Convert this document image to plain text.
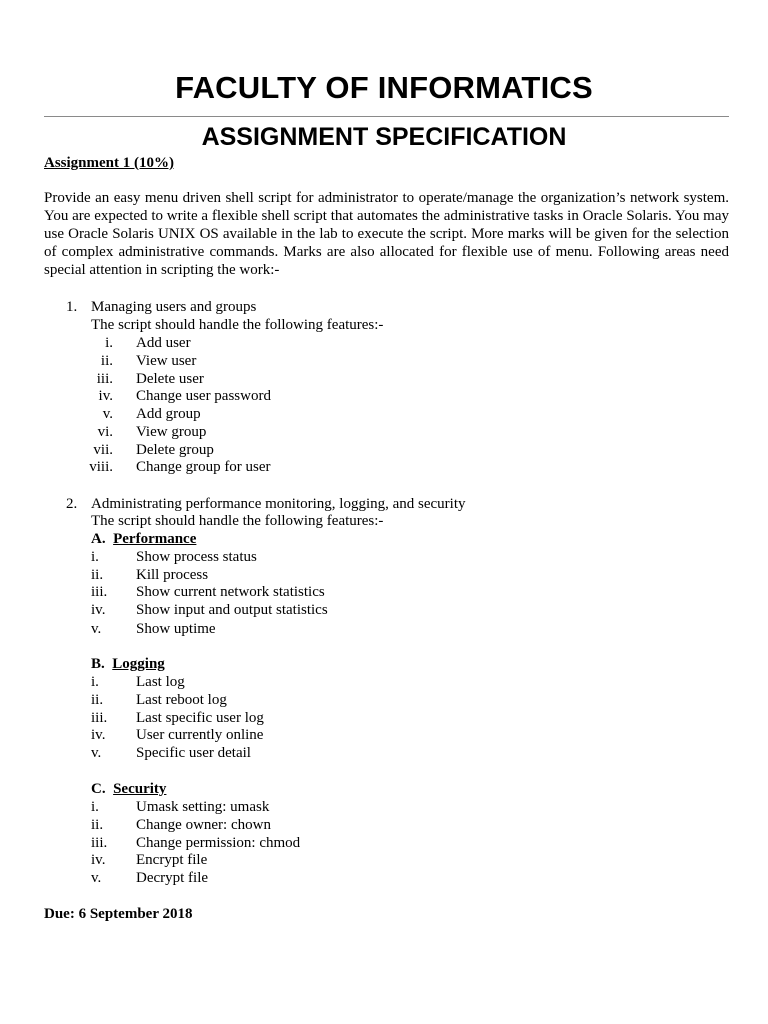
FACULTY OF INFORMATICS
ASSIGNMENT SPECIFICATION
Assignment 1 (10%)
Provide an easy menu driven shell script for administrator to operate/manage the organization’s network system. You are expected to write a flexible shell script that automates the administrative tasks in Oracle Solaris. You may use Oracle Solaris UNIX OS available in the lab to execute the script. More marks will be given for the selection of complex administrative commands. Marks are also allocated for flexible use of menu. Following areas need special attention in scripting the work:-
1. Managing users and groups
The script should handle the following features:-
i. Add user
ii. View user
iii. Delete user
iv. Change user password
v. Add group
vi. View group
vii. Delete group
viii. Change group for user
2. Administrating performance monitoring, logging, and security
The script should handle the following features:-
A. Performance
i. Show process status
ii. Kill process
iii. Show current network statistics
iv. Show input and output statistics
v. Show uptime
B. Logging
i. Last log
ii. Last reboot log
iii. Last specific user log
iv. User currently online
v. Specific user detail
C. Security
i. Umask setting: umask
ii. Change owner: chown
iii. Change permission: chmod
iv. Encrypt file
v. Decrypt file
Due: 6 September 2018
